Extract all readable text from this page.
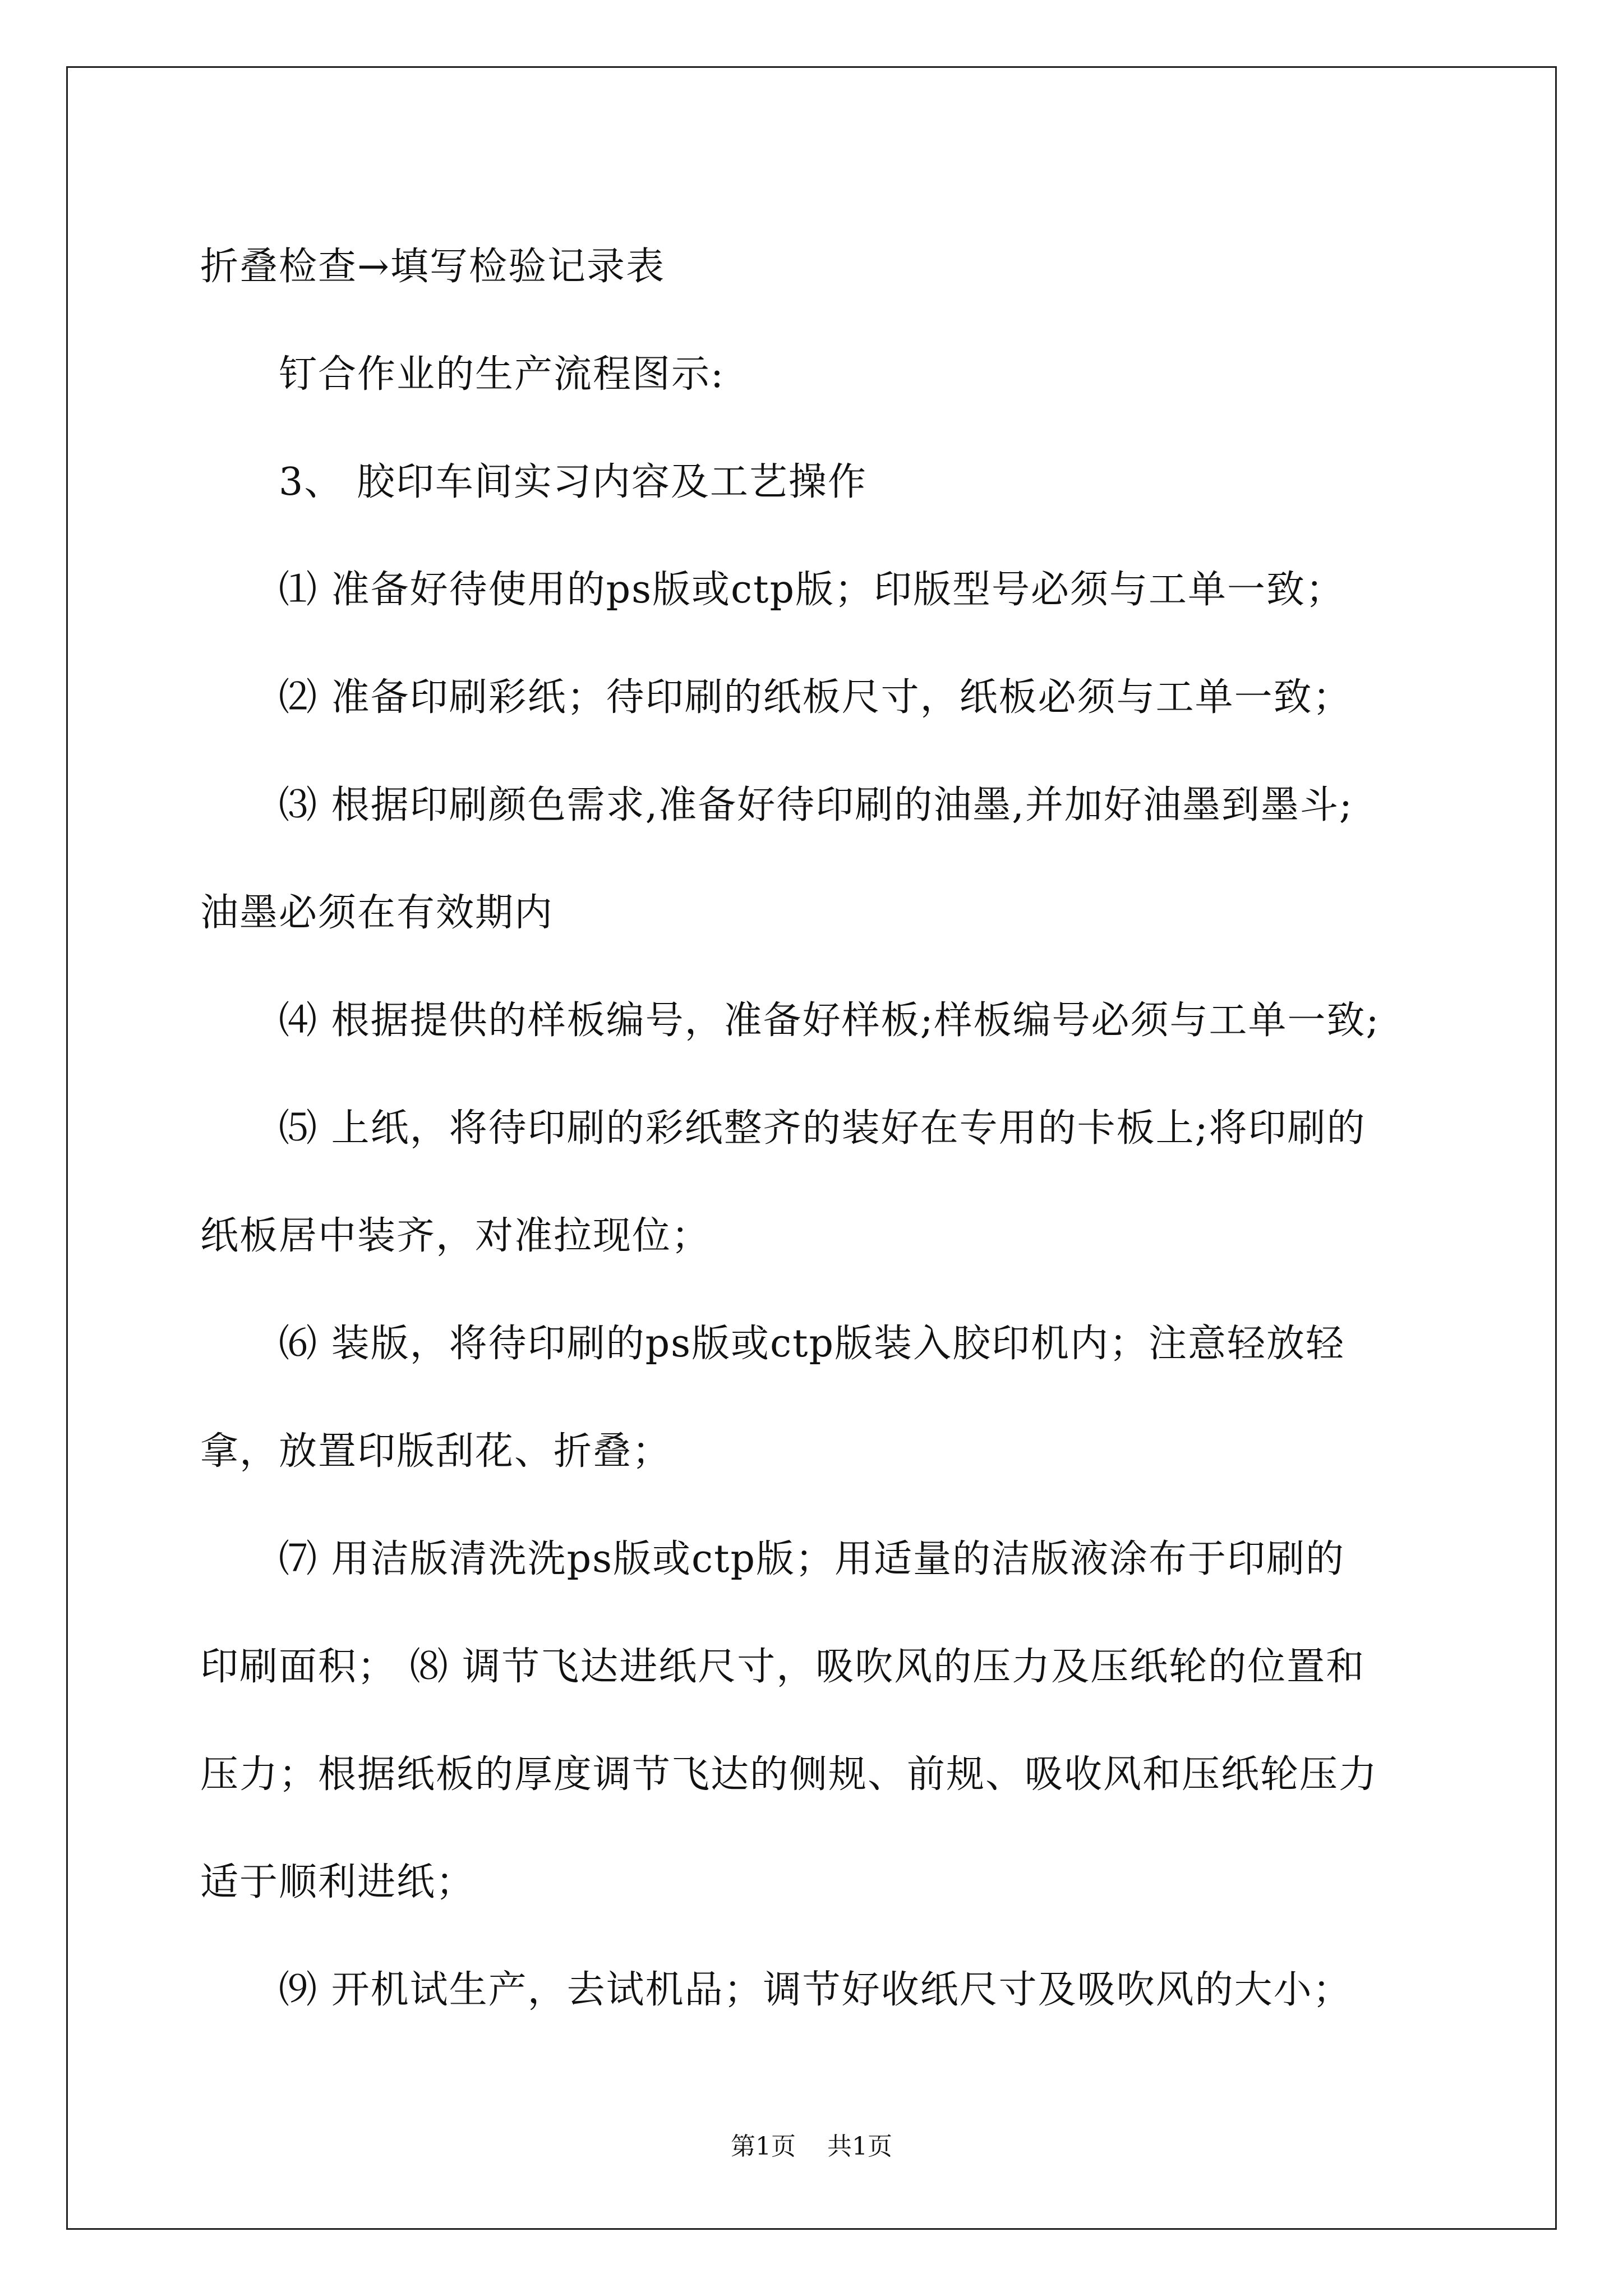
折叠检查→填写检验记录表

钉合作业的生产流程图示:

3、 胶印车间实习内容及工艺操作

⑴ 准备好待使用的ps版或ctp版；印版型号必须与工单一致；

⑵ 准备印刷彩纸；待印刷的纸板尺寸，纸板必须与工单一致；

⑶ 根据印刷颜色需求,准备好待印刷的油墨,并加好油墨到墨斗;

油墨必须在有效期内

⑷ 根据提供的样板编号，准备好样板;样板编号必须与工单一致;

⑸ 上纸，将待印刷的彩纸整齐的装好在专用的卡板上;将印刷的

纸板居中装齐，对准拉现位；

⑹ 装版，将待印刷的ps版或ctp版装入胶印机内；注意轻放轻

拿，放置印版刮花、折叠；

⑺ 用洁版清洗洗ps版或ctp版；用适量的洁版液涂布于印刷的

印刷面积； ⑻ 调节飞达进纸尺寸，吸吹风的压力及压纸轮的位置和

压力；根据纸板的厚度调节飞达的侧规、前规、吸收风和压纸轮压力

适于顺利进纸；

⑼ 开机试生产，去试机品；调节好收纸尺寸及吸吹风的大小；

第1页 共1页
